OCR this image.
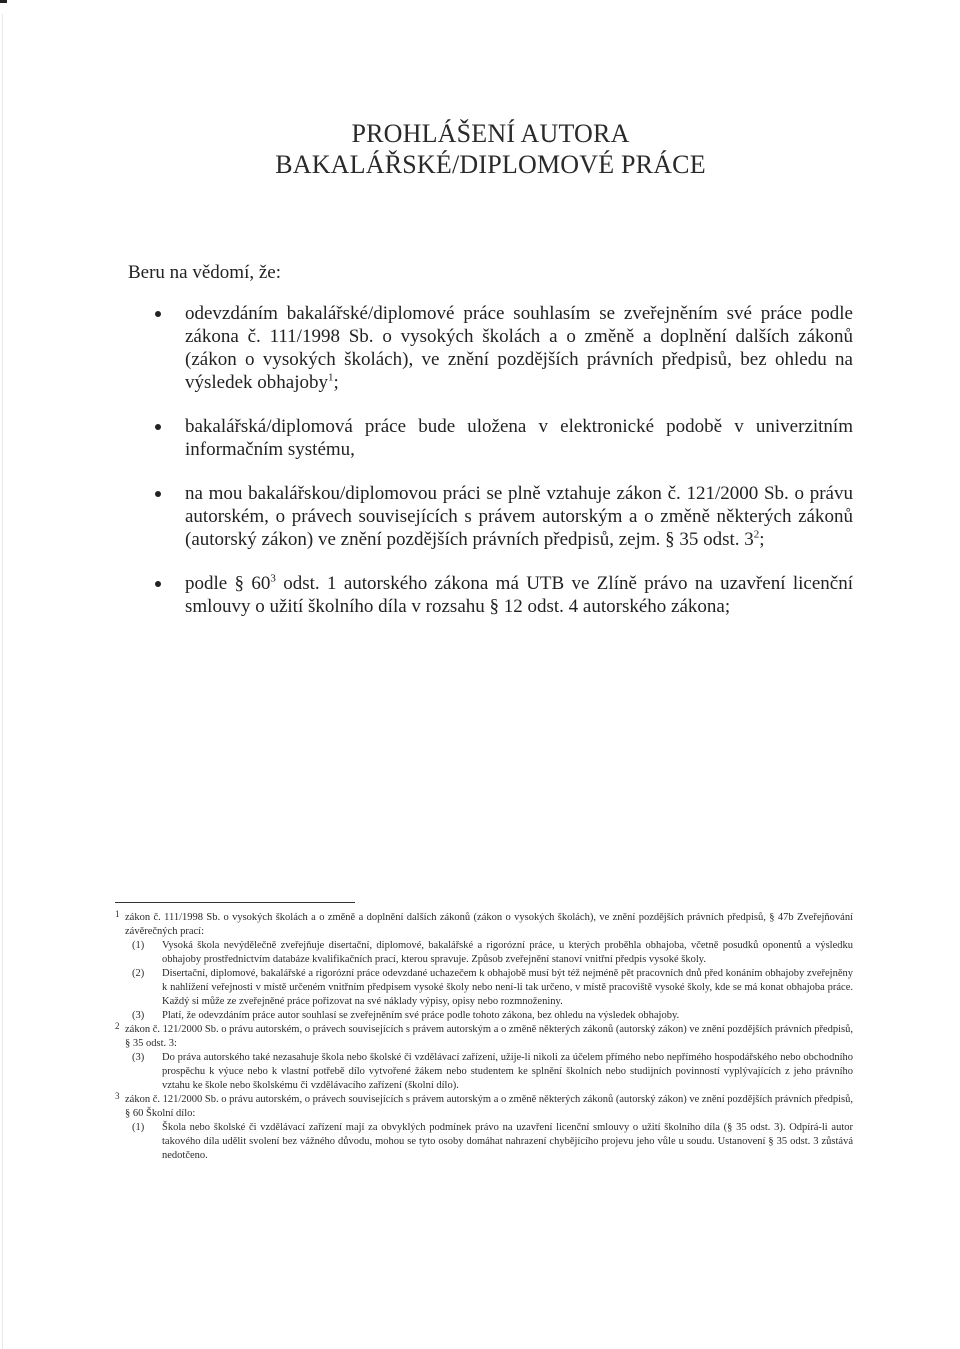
PROHLÁŠENÍ AUTORA
BAKALÁŘSKÉ/DIPLOMOVÉ PRÁCE
Beru na vědomí, že:
odevzdáním bakalářské/diplomové práce souhlasím se zveřejněním své práce podle zákona č. 111/1998 Sb. o vysokých školách a o změně a doplnění dalších zákonů (zákon o vysokých školách), ve znění pozdějších právních předpisů, bez ohledu na výsledek obhajoby$^1$;
bakalářská/diplomová práce bude uložena v elektronické podobě v univerzitním informačním systému,
na mou bakalářskou/diplomovou práci se plně vztahuje zákon č. 121/2000 Sb. o právu autorském, o právech souvisejících s právem autorským a o změně některých zákonů (autorský zákon) ve znění pozdějších právních předpisů, zejm. § 35 odst. $3^2$;
podle § $60^3$ odst. 1 autorského zákona má UTB ve Zlíně právo na uzavření licenční smlouvy o užití školního díla v rozsahu § 12 odst. 4 autorského zákona;
1 zákon č. 111/1998 Sb. o vysokých školách a o změně a doplnění dalších zákonů (zákon o vysokých školách), ve znění pozdějších právních předpisů, § 47b Zveřejňování závěrečných prací:
(1) Vysoká škola nevýdělečně zveřejňuje disertační, diplomové, bakalářské a rigorózní práce, u kterých proběhla obhajoba, včetně posudků oponentů a výsledku obhajoby prostřednictvím databáze kvalifikačních prací, kterou spravuje. Způsob zveřejnění stanoví vnitřní předpis vysoké školy.
(2) Disertační, diplomové, bakalářské a rigorózní práce odevzdané uchazečem k obhajobě musí být též nejméně pět pracovních dnů před konáním obhajoby zveřejněny k nahlížení veřejnosti v místě určeném vnitřním předpisem vysoké školy nebo není-li tak určeno, v místě pracoviště vysoké školy, kde se má konat obhajoba práce. Každý si může ze zveřejněné práce pořizovat na své náklady výpisy, opisy nebo rozmnoženiny.
(3) Platí, že odevzdáním práce autor souhlasí se zveřejněním své práce podle tohoto zákona, bez ohledu na výsledek obhajoby.
2 zákon č. 121/2000 Sb. o právu autorském, o právech souvisejících s právem autorským a o změně některých zákonů (autorský zákon) ve znění pozdějších právních předpisů, § 35 odst. 3:
(3) Do práva autorského také nezasahuje škola nebo školské či vzdělávací zařízení, užije-li nikoli za účelem přímého nebo nepřímého hospodářského nebo obchodního prospěchu k výuce nebo k vlastní potřebě dílo vytvořené žákem nebo studentem ke splnění školních nebo studijních povinností vyplývajících z jeho právního vztahu ke škole nebo školskému či vzdělávacího zařízení (školní dílo).
3 zákon č. 121/2000 Sb. o právu autorském, o právech souvisejících s právem autorským a o změně některých zákonů (autorský zákon) ve znění pozdějších právních předpisů, § 60 Školní dílo:
(1) Škola nebo školské či vzdělávací zařízení mají za obvyklých podmínek právo na uzavření licenční smlouvy o užití školního díla (§ 35 odst. 3). Odpírá-li autor takového díla udělit svolení bez vážného důvodu, mohou se tyto osoby domáhat nahrazení chybějícího projevu jeho vůle u soudu. Ustanovení § 35 odst. 3 zůstává nedotčeno.
